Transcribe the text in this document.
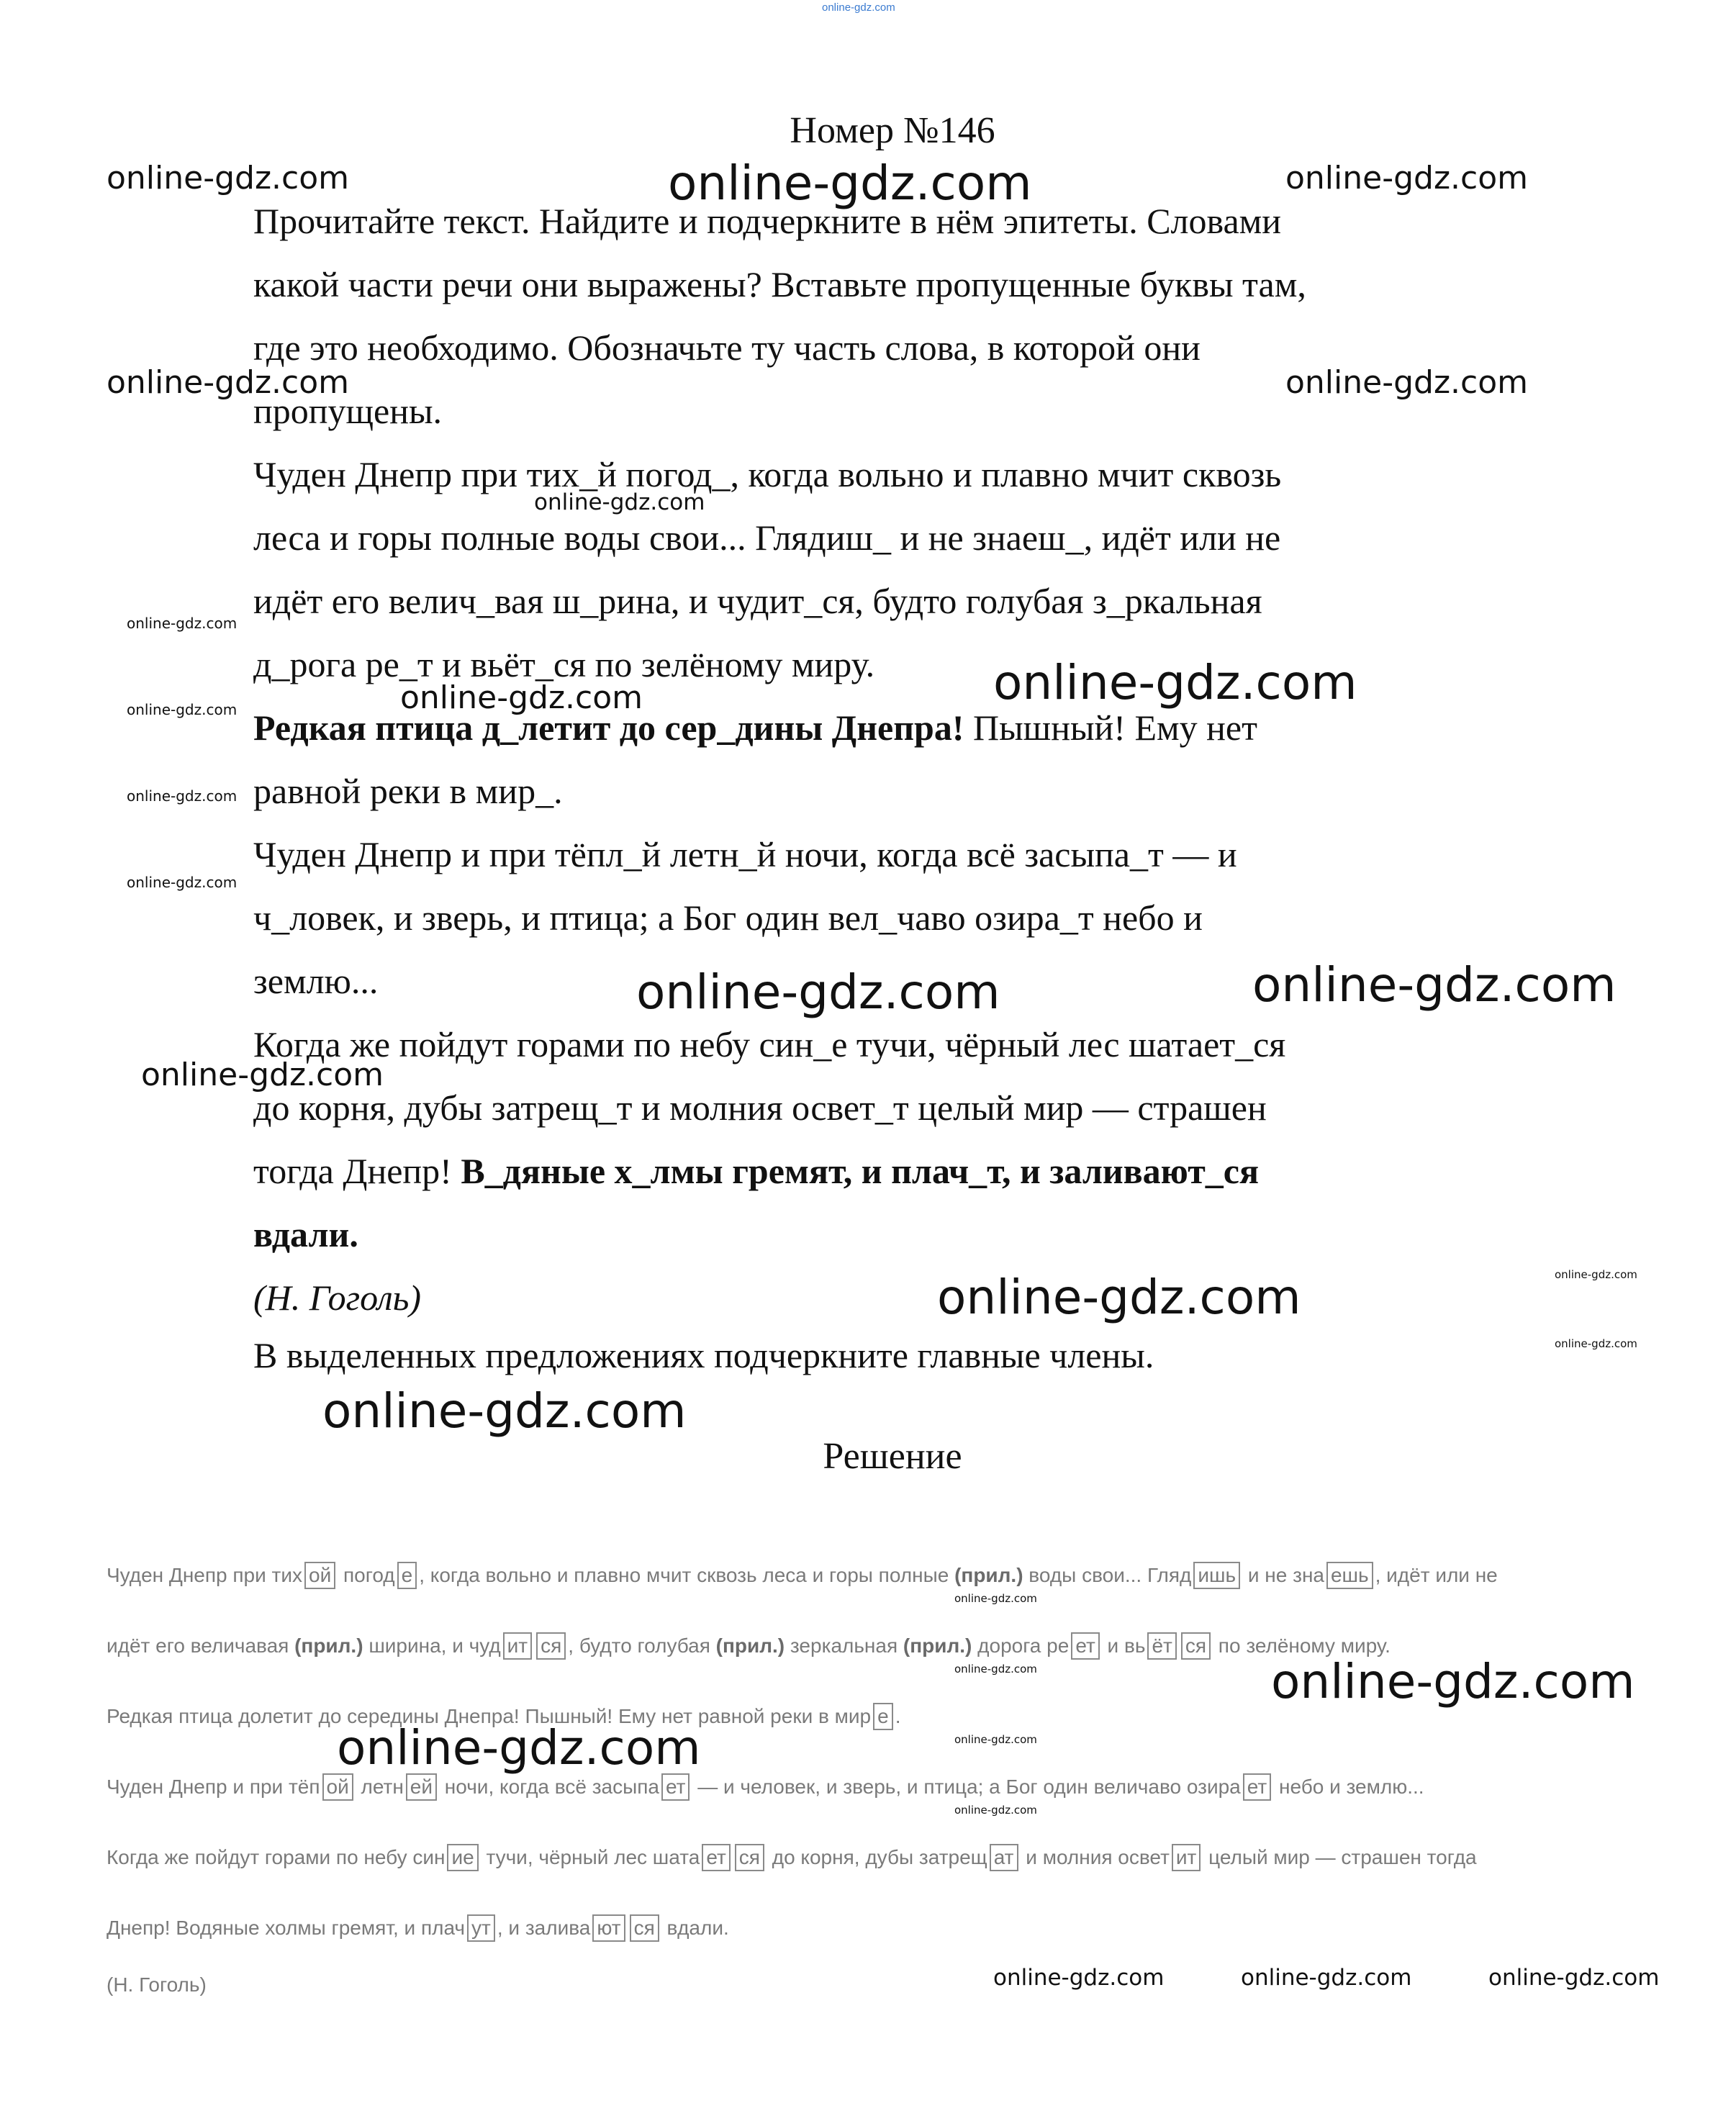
online-gdz.com
Номер №146
Прочитайте текст. Найдите и подчеркните в нём эпитеты. Словами
какой части речи они выражены? Вставьте пропущенные буквы там,
где это необходимо. Обозначьте ту часть слова, в которой они
пропущены.
Чуден Днепр при тих_й погод_, когда вольно и плавно мчит сквозь
леса и горы полные воды свои... Глядиш_ и не знаеш_, идёт или не
идёт его велич_вая ш_рина, и чудит_ся, будто голубая з_ркальная
д_рога ре_т и вьёт_ся по зелёному миру.
Редкая птица д_летит до сер_дины Днепра! Пышный! Ему нет
равной реки в мир_.
Чуден Днепр и при тёпл_й летн_й ночи, когда всё засыпа_т — и
ч_ловек, и зверь, и птица; а Бог один вел_чаво озира_т небо и
землю...
Когда же пойдут горами по небу син_е тучи, чёрный лес шатает_ся
до корня, дубы затрещ_т и молния освет_т целый мир — страшен
тогда Днепр! В_дяные х_лмы гремят, и плач_т, и заливают_ся
вдали.
(Н. Гоголь)
В выделенных предложениях подчеркните главные члены.
Решение
Чуден Днепр при тих ой погод е , когда вольно и плавно мчит сквозь леса и горы полные (прил.) воды свои... Гляд ишь и не зна ешь , идёт или не
идёт его величавая (прил.) ширина, и чуд ит ся , будто голубая (прил.) зеркальная (прил.) дорога ре ет и вь ёт ся по зелёному миру.
Редкая птица долетит до середины Днепра! Пышный! Ему нет равной реки в мир е .
Чуден Днепр и при тёп ой летн ей ночи, когда всё засыпа ет — и человек, и зверь, и птица; а Бог один величаво озира ет небо и землю...
Когда же пойдут горами по небу син ие тучи, чёрный лес шата ет ся до корня, дубы затрещ ат и молния освет ит целый мир — страшен тогда
Днепр! Водяные холмы гремят, и плач ут , и залива ют ся вдали.
(Н. Гоголь)
online-gdz.com	online-gdz.com	online-gdz.com
online-gdz.com	online-gdz.com
online-gdz.com
online-gdz.com
online-gdz.com
online-gdz.com
online-gdz.com
online-gdz.com
online-gdz.com
online-gdz.com	online-gdz.com
online-gdz.com
online-gdz.com	online-gdz.com
online-gdz.com
online-gdz.com
online-gdz.com
online-gdz.com	online-gdz.com
online-gdz.com
online-gdz.com
online-gdz.com
online-gdz.com	online-gdz.com	online-gdz.com
